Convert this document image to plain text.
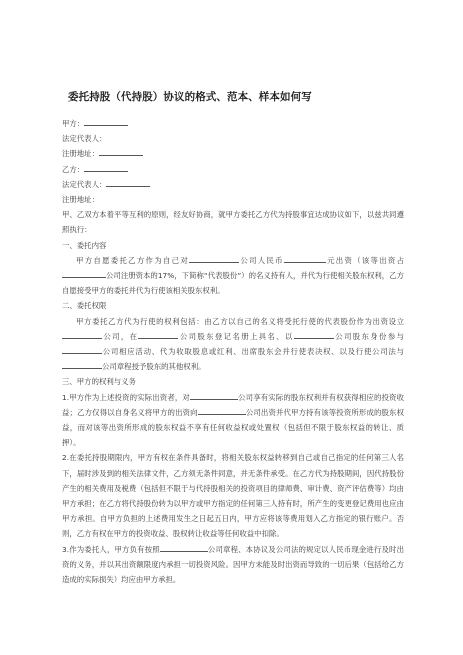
委托持股（代持股）协议的格式、范本、样本如何写
甲方：
法定代表人：
注册地址：
乙方：
法定代表人：
注册地址：
甲、乙双方本着平等互利的原则，经友好协商，就甲方委托乙方代为持股事宜达成协议如下，以兹共同遵照执行：
一、委托内容
甲方自愿委托乙方作为自己对	公司人民币	元出资（该等出资占公司注册资本的17%，下简称“代表股份”）的名义持有人，并代为行使相关股东权利，乙方自愿接受甲方的委托并代为行使该相关股东权利。
二、委托权限
甲方委托乙方代为行使的权利包括：由乙方以自己的名义将受托行使的代表股份作为出资设立公司，在	公司股东登记名册上具名、以	公司股东身份参与公司相应活动、代为收取股息或红利、出席股东会并行使表决权、以及行使公司法与公司章程授予股东的其他权利。
三、甲方的权利与义务
1.甲方作为上述投资的实际出资者，对	公司享有实际的股东权利并有权获得相应的投资收益；乙方仅得以自身名义将甲方的出资向	公司出资并代甲方持有该等投资所形成的股东权益，而对该等出资所形成的股东权益不享有任何收益权或处置权（包括但不限于股东权益的转让、质押）。
2.在委托持股期限内，甲方有权在条件具备时，将相关股东权益转移到自己或自己指定的任何第三人名下，届时涉及到的相关法律文件，乙方须无条件同意，并无条件承受。在乙方代为持股期间，因代持股份产生的相关费用及税费（包括但不限于与代持股相关的投资项目的律师费、审计费、资产评估费等）均由甲方承担；在乙方将代持股份转为以甲方或甲方指定的任何第三人持有时，所产生的变更登记费用也应由甲方承担。自甲方负担的上述费用发生之日起五日内，甲方应将该等费用划入乙方指定的银行账户。否则，乙方有权在甲方的投资收益、股权转让收益等任何收益中扣除。
3.作为委托人，甲方负有按照	公司章程、本协议及公司法的规定以人民币现金进行及时出资的义务，并以其出资额限度内承担一切投资风险。因甲方未能及时出资而导致的一切后果（包括给乙方造成的实际损失）均应由甲方承担。
